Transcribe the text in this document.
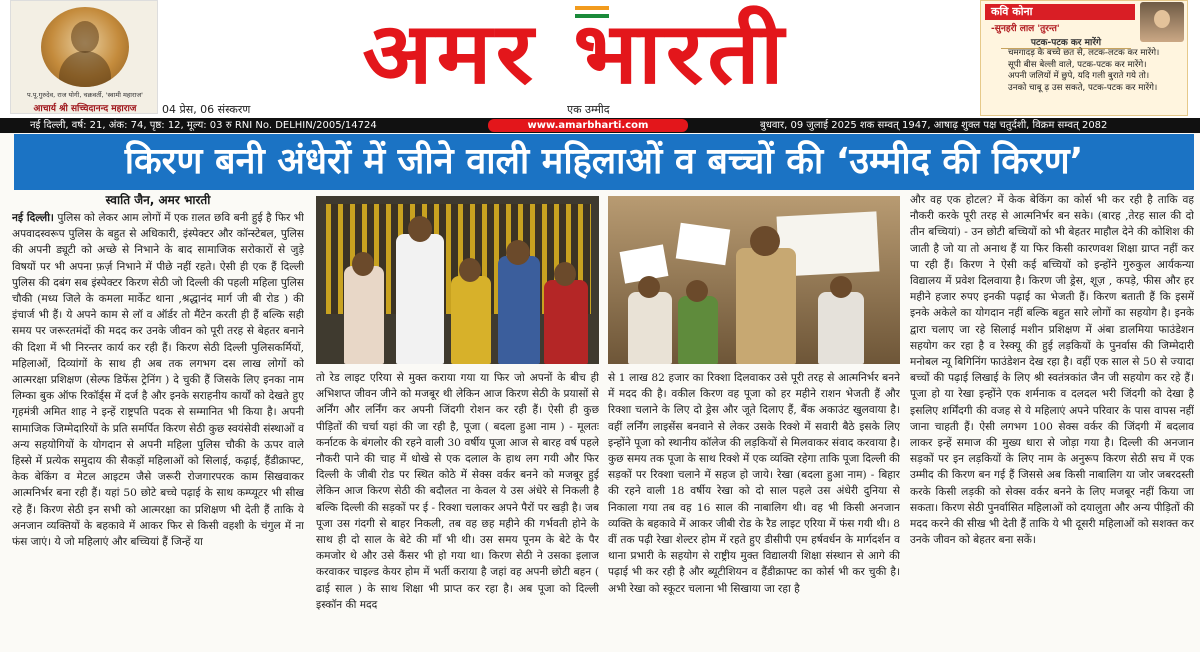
प.पू.गुरुदेव, राज योगी, चक्रवर्ती, 'स्वामी महाराज'
आचार्य श्री सच्चिदानन्द महाराज
अमर भारती
04 प्रेस, 06 संस्करण	एक उम्मीद
कवि कोना
-सुनहरी लाल 'तुरन्त'
पटक-पटक कर मारेंगे
चमगादड़ के बच्चे छत से, लटक-लटक कर मारेंगे।
सूपी बीस बेल्ली वाले, पटक-पटक कर मारेंगे।
अपनी जलियों में छुपे, यदि गली बुराते गये तो।
उनको चाबू ढ़ उस सकते, पटक-पटक कर मारेंगे।
नई दिल्ली, वर्ष: 21, अंक: 74, पृष्ठ: 12, मूल्य: 03 रु RNI No. DELHIN/2005/14724	www.amarbharti.com	बुधवार, 09 जुलाई 2025 शक सम्वत् 1947, आषाढ़ शुक्ल पक्ष चतुर्दशी, विक्रम सम्वत् 2082
किरण बनी अंधेरों में जीने वाली महिलाओं व बच्चों की ‘उम्मीद की किरण’
स्वाति जैन, अमर भारती
नई दिल्ली। पुलिस को लेकर आम लोगों में एक ग़लत छवि बनी हुई है फिर भी अपवादस्वरूप पुलिस के बहुत से अधिकारी, इंस्पेक्टर और कॉन्स्टेबल, पुलिस की अपनी ड्यूटी को अच्छे से निभाने के बाद सामाजिक सरोकारों से जुड़े विषयों पर भी अपना फ़र्ज़ निभाने में पीछे नहीं रहते। ऐसी ही एक हैं दिल्ली पुलिस की दबंग सब इंस्पेक्टर किरण सेठी जो दिल्ली की पहली महिला पुलिस चौकी (मध्य जिले के कमला मार्केट थाना ,श्रद्धानंद मार्ग जी बी रोड ) की इंचार्ज भी हैं। ये अपने काम से लॉ व ऑर्डर तो मैंटेन करती ही हैं बल्कि सही समय पर जरूरतमंदों की मदद कर उनके जीवन को पूरी तरह से बेहतर बनाने की दिशा में भी निरन्तर कार्य कर रही हैं। किरण सेठी दिल्ली पुलिसकर्मियों, महिलाओं, दिव्यांगों के साथ ही अब तक लगभग दस लाख लोगों को आत्मरक्षा प्रशिक्षण (सेल्फ डिफेंस ट्रेनिंग ) दे चुकी हैं जिसके लिए इनका नाम लिम्का बुक ऑफ रिकॉर्ड्स में दर्ज है और इनके सराहनीय कार्यों को देखते हुए गृहमंत्री अमित शाह ने इन्हें राष्ट्रपति पदक से सम्मानित भी किया है। अपनी सामाजिक जिम्मेदारियों के प्रति समर्पित किरण सेठी कुछ स्वयंसेवी संस्थाओं व अन्य सहयोगियों के योगदान से अपनी महिला पुलिस चौकी के ऊपर वाले हिस्से में प्रत्येक समुदाय की सैकड़ों महिलाओं को सिलाई, कढ़ाई, हैंडीक्राफ्ट, केक बेकिंग व मेटल आइटम जैसे जरूरी रोजगारपरक काम सिखवाकर आत्मनिर्भर बना रही हैं। यहां 50 छोटे बच्चे पढ़ाई के साथ कम्प्यूटर भी सीख रहे हैं। किरण सेठी इन सभी को आत्मरक्षा का प्रशिक्षण भी देती हैं ताकि ये अनजान व्यक्तियों के बहकावे में आकर फिर से किसी वहशी के चंगुल में ना फंस जाएं। ये जो महिलाएं और बच्चियां हैं जिन्हें या
तो रेड लाइट एरिया से मुक्त कराया गया या फिर जो अपनों के बीच ही अभिशप्त जीवन जीने को मजबूर थी लेकिन आज किरण सेठी के प्रयासों से अर्निंग और लर्निंग कर अपनी जिंदगी रोशन कर रही हैं। ऐसी ही कुछ पीड़ितों की चर्चा यहां की जा रही है, पूजा ( बदला हुआ नाम ) - मूलतः कर्नाटक के बंगलोर की रहने वाली 30 वर्षीय पूजा आज से बारह वर्ष पहले नौकरी पाने की चाह में धोखे से एक दलाल के हाथ लग गयी और फिर दिल्ली के जीबी रोड पर स्थित कोठे में सेक्स वर्कर बनने को मजबूर हुई लेकिन आज किरण सेठी की बदौलत ना केवल ये उस अंधेरे से निकली है बल्कि दिल्ली की सड़कों पर ई - रिक्शा चलाकर अपने पैरों पर खड़ी है। जब पूजा उस गंदगी से बाहर निकली, तब वह छह महीने की गर्भवती होने के साथ ही दो साल के बेटे की माँ भी थी। उस समय पूनम के बेटे के पैर कमजोर थे और उसे कैंसर भी हो गया था। किरण सेठी ने उसका इलाज करवाकर चाइल्ड केयर होम में भर्ती कराया है जहां वह अपनी छोटी बहन ( ढाई साल ) के साथ शिक्षा भी प्राप्त कर रहा है। अब पूजा को दिल्ली इस्कॉन की मदद
से 1 लाख 82 हजार का रिक्शा दिलवाकर उसे पूरी तरह से आत्मनिर्भर बनने में मदद की है। वकील किरण वह पूजा को हर महीने राशन भेजती हैं और रिक्शा चलाने के लिए दो ड्रेस और जूते दिलाए हैं, बैंक अकाउंट खुलवाया है। वहीं लर्निंग लाइसेंस बनवाने से लेकर उसके रिक्शे में सवारी बैठे इसके लिए इन्होंने पूजा को स्थानीय कॉलेज की लड़कियों से मिलवाकर संवाद करवाया है। कुछ समय तक पूजा के साथ रिक्शे में एक व्यक्ति रहेगा ताकि पूजा दिल्ली की सड़कों पर रिक्शा चलाने में सहज हो जाये। रेखा (बदला हुआ नाम) - बिहार की रहने वाली 18 वर्षीय रेखा को दो साल पहले उस अंधेरी दुनिया से निकाला गया तब वह 16 साल की नाबालिग थी। वह भी किसी अनजान व्यक्ति के बहकावे में आकर जीबी रोड के रैड लाइट एरिया में फंस गयी थी। 8 वीं तक पढ़ी रेखा शेल्टर होम में रहते हुए डीसीपी एम हर्षवर्धन के मार्गदर्शन व थाना प्रभारी के सहयोग से राष्ट्रीय मुक्त विद्यालयी शिक्षा संस्थान से आगे की पढ़ाई भी कर रही है और ब्यूटीशियन व हैंडीक्राफ्ट का कोर्स भी कर चुकी है। अभी रेखा को स्कूटर चलाना भी सिखाया जा रहा है
और वह एक होटल? में केक बेकिंग का कोर्स भी कर रही है ताकि वह नौकरी करके पूरी तरह से आत्मनिर्भर बन सके। (बारह ,तेरह साल की दो तीन बच्चियां) - उन छोटी बच्चियों को भी बेहतर माहौल देने की कोशिश की जाती है जो या तो अनाथ हैं या फिर किसी कारणवश शिक्षा ग्राप्त नहीं कर पा रही हैं। किरण ने ऐसी कई बच्चियों को इन्होंने गुरुकुल आर्यकन्या विद्यालय में प्रवेश दिलवाया है। किरण जी ड्रेस, शूज़ , कपड़े, फीस और हर महीने हजार रुपए इनकी पढ़ाई का भेजती हैं। किरण बताती हैं कि इसमें इनके अकेले का योगदान नहीं बल्कि बहुत सारे लोगों का सहयोग है। इनके द्वारा चलाए जा रहे सिलाई मशीन प्रशिक्षण में अंबा डालमिया फाउंडेशन सहयोग कर रहा है व रेस्क्यू की हुई लड़कियों के पुनर्वास की जिम्मेदारी मनोबल न्यू बिगिनिंग फाउंडेशन देख रहा है। वहीं एक साल से 50 से ज्यादा बच्चों की पढ़ाई लिखाई के लिए श्री स्वतंत्रकांत जैन जी सहयोग कर रहे हैं। पूजा हो या रेखा इन्होंने एक शर्मनाक व दलदल भरी जिंदगी को देखा है इसलिए शर्मिंदगी की वजह से ये महिलाएं अपने परिवार के पास वापस नहीं जाना चाहती हैं। ऐसी लगभग 100 सेक्स वर्कर की जिंदगी में बदलाव लाकर इन्हें समाज की मुख्य धारा से जोड़ा गया है। दिल्ली की अनजान सड़कों पर इन लड़कियों के लिए नाम के अनुरूप किरण सेठी सच में एक उम्मीद की किरण बन गई हैं जिससे अब किसी नाबालिग या जोर जबरदस्ती करके किसी लड़की को सेक्स वर्कर बनने के लिए मजबूर नहीं किया जा सकता। किरण सेठी पुनर्वासित महिलाओं को दयालुता और अन्य पीड़ितों की मदद करने की सीख भी देती हैं ताकि ये भी दूसरी महिलाओं को सशक्त कर उनके जीवन को बेहतर बना सकें।
